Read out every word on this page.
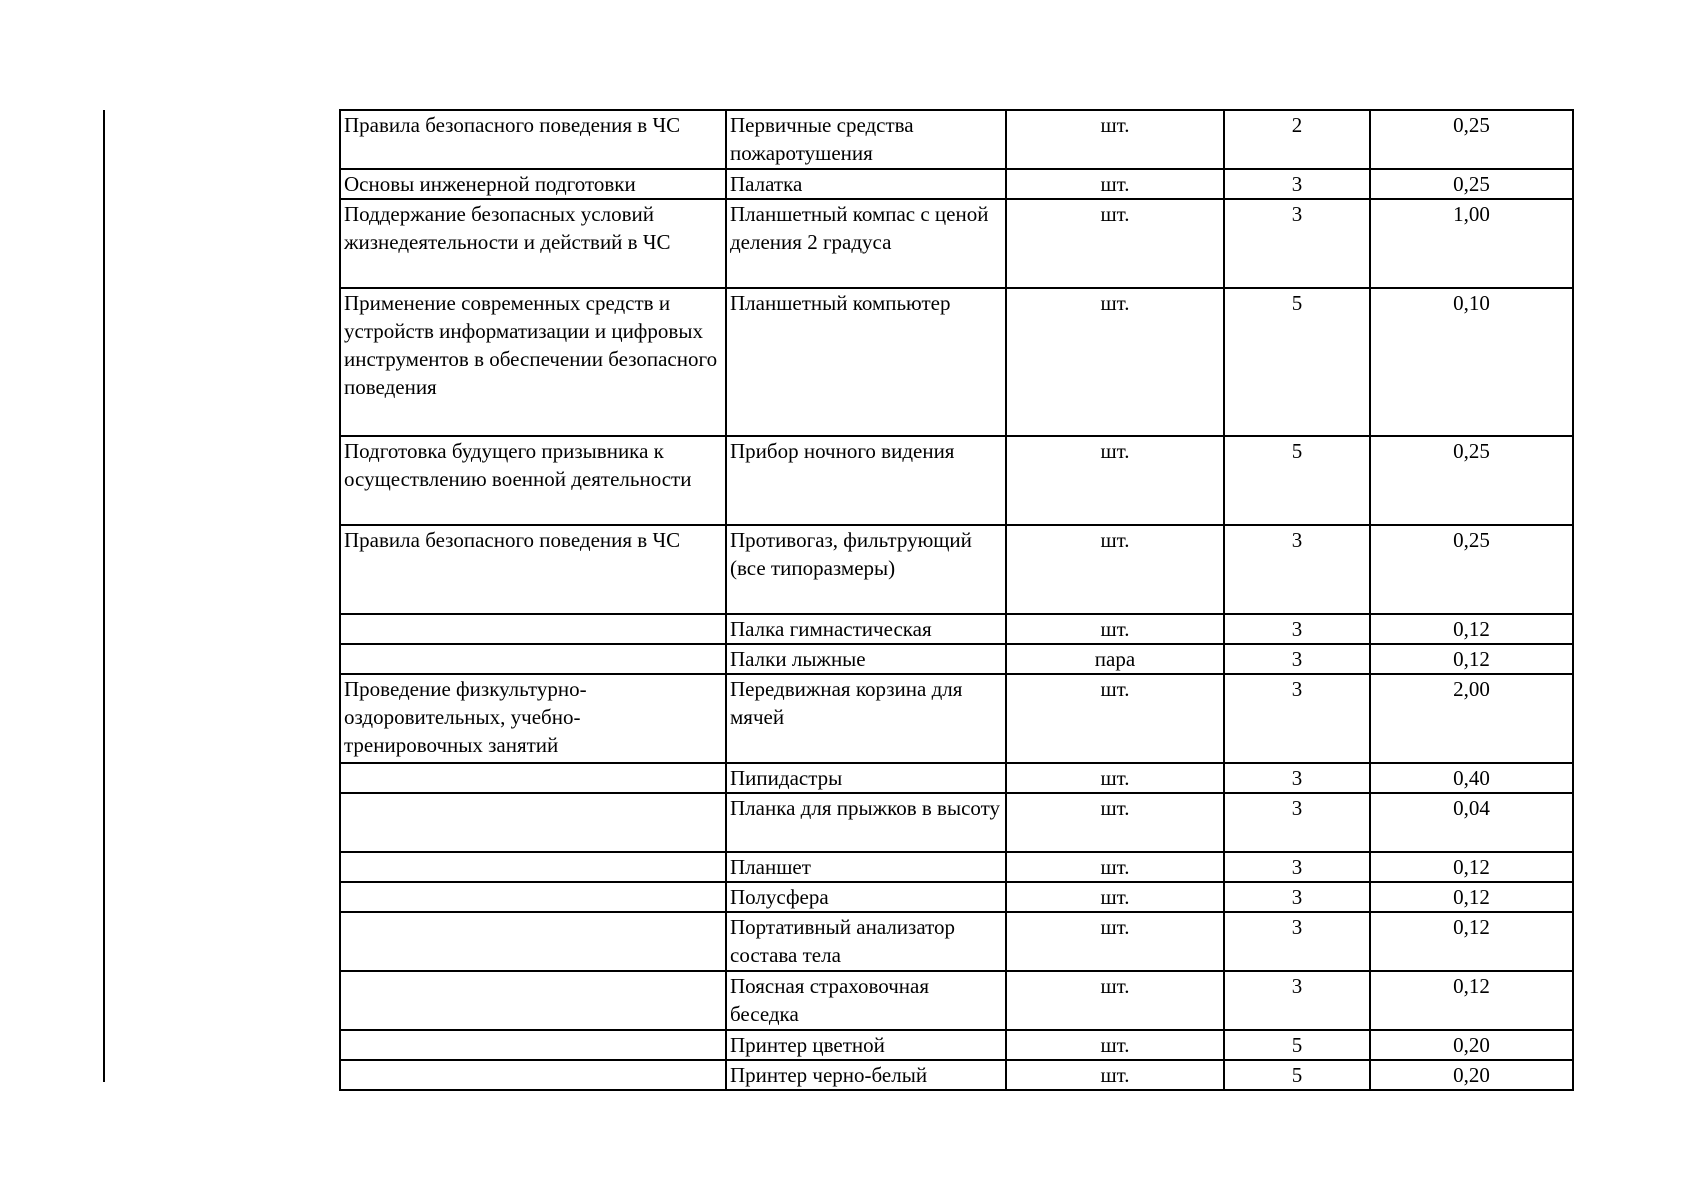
Правила безопасного поведения в ЧС	Первичные средства пожаротушения	шт.	2	0,25
Основы инженерной подготовки	Палатка	шт.	3	0,25
Поддержание безопасных условий жизнедеятельности и действий в ЧС	Планшетный компас с ценой деления 2 градуса	шт.	3	1,00
Применение современных средств и устройств информатизации и цифровых инструментов в обеспечении безопасного поведения	Планшетный компьютер	шт.	5	0,10
Подготовка будущего призывника к осуществлению военной деятельности	Прибор ночного видения	шт.	5	0,25
Правила безопасного поведения в ЧС	Противогаз, фильтрующий (все типоразмеры)	шт.	3	0,25
	Палка гимнастическая	шт.	3	0,12
	Палки лыжные	пара	3	0,12

Проведение физкультурно-оздоровительных, учебно-тренировочных занятий	Передвижная корзина для мячей	шт.	3	2,00
	Пипидастры	шт.	3	0,40
	Планка для прыжков в высоту	шт.	3	0,04
	Планшет	шт.	3	0,12
	Полусфера	шт.	3	0,12
	Портативный анализатор состава тела	шт.	3	0,12
	Поясная страховочная беседка	шт.	3	0,12
	Принтер цветной	шт.	5	0,20
	Принтер черно-белый	шт.	5	0,20
